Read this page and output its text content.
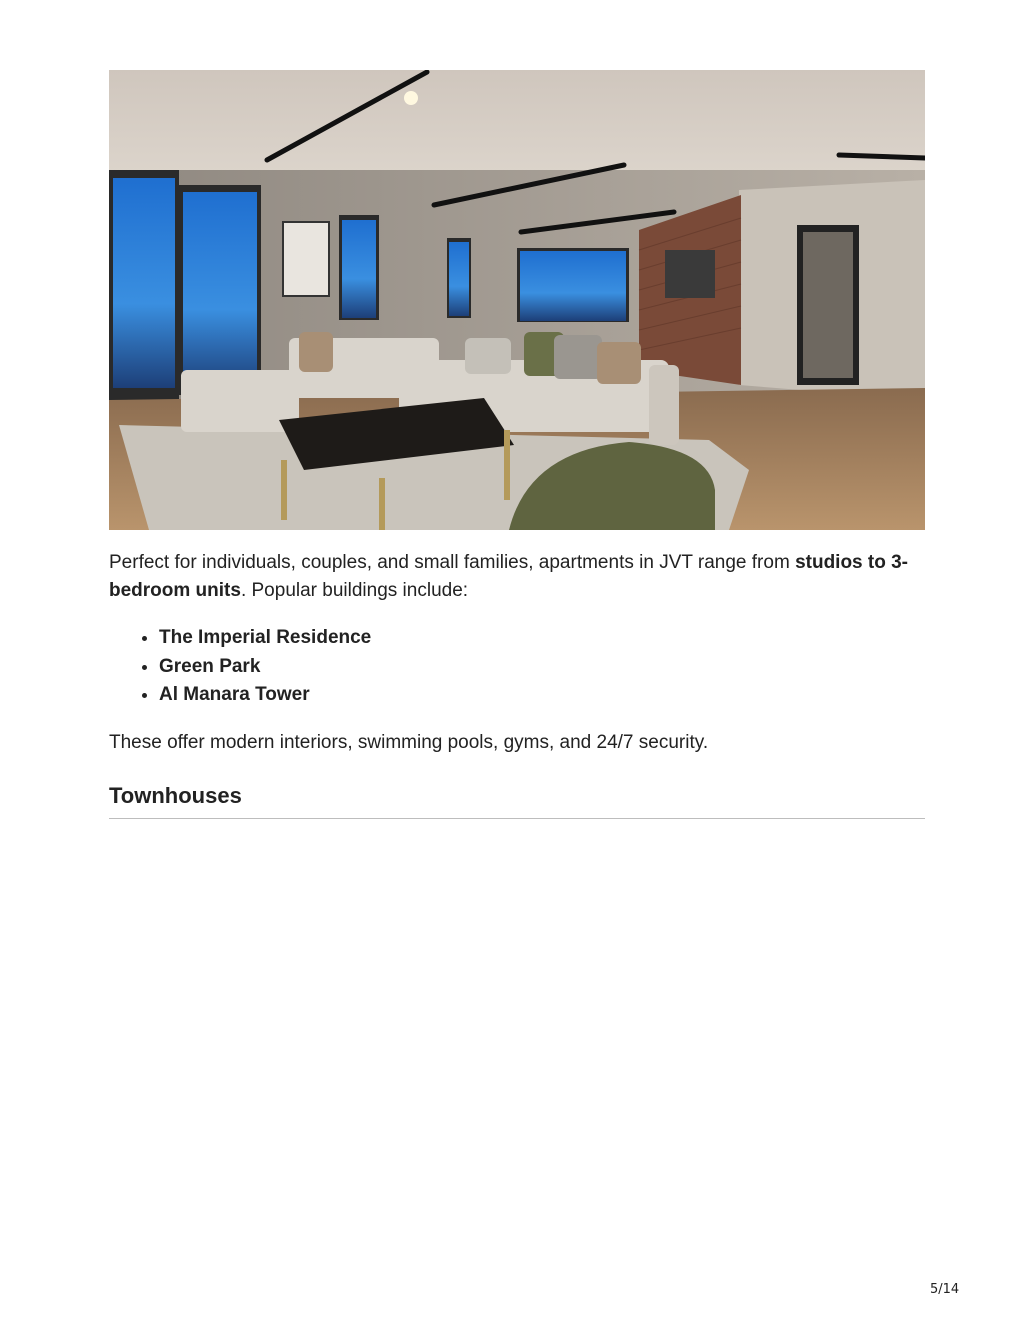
Perfect for individuals, couples, and small families, apartments in JVT range from studios to 3-bedroom units. Popular buildings include:

• The Imperial Residence
• Green Park
• Al Manara Tower

These offer modern interiors, swimming pools, gyms, and 24/7 security.

Townhouses
5/14
